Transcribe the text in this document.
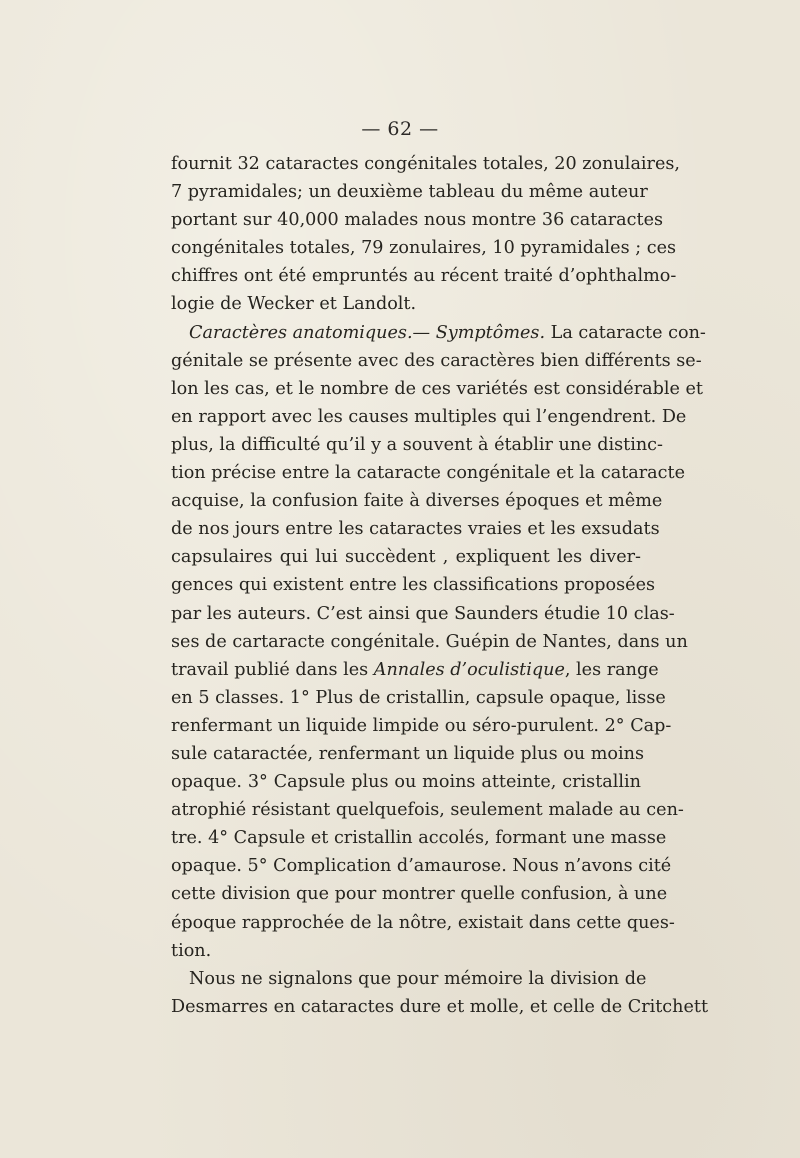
— 62 —
fournit 32 cataractes congénitales totales, 20 zonulaires,
7 pyramidales; un deuxième tableau du même auteur
portant sur 40,000 malades nous montre 36 cataractes
congénitales totales, 79 zonulaires, 10 pyramidales ; ces
chiffres ont été empruntés au récent traité d’ophthalmo-
logie de Wecker et Landolt.
Caractères anatomiques.— Symptômes. La cataracte con-
génitale se présente avec des caractères bien différents se-
lon les cas, et le nombre de ces variétés est considérable et
en rapport avec les causes multiples qui l’engendrent. De
plus, la difficulté qu’il y a souvent à établir une distinc-
tion précise entre la cataracte congénitale et la cataracte
acquise, la confusion faite à diverses époques et même
de nos jours entre les cataractes vraies et les exsudats
capsulaires qui lui succèdent , expliquent les diver-
gences qui existent entre les classifications proposées
par les auteurs. C’est ainsi que Saunders étudie 10 clas-
ses de cartaracte congénitale. Guépin de Nantes, dans un
travail publié dans les Annales d’oculistique, les range
en 5 classes. 1° Plus de cristallin, capsule opaque, lisse
renfermant un liquide limpide ou séro-purulent. 2° Cap-
sule cataractée, renfermant un liquide plus ou moins
opaque. 3° Capsule plus ou moins atteinte, cristallin
atrophié résistant quelquefois, seulement malade au cen-
tre. 4° Capsule et cristallin accolés, formant une masse
opaque. 5° Complication d’amaurose. Nous n’avons cité
cette division que pour montrer quelle confusion, à une
époque rapprochée de la nôtre, existait dans cette ques-
tion.
Nous ne signalons que pour mémoire la division de
Desmarres en cataractes dure et molle, et celle de Critchett
